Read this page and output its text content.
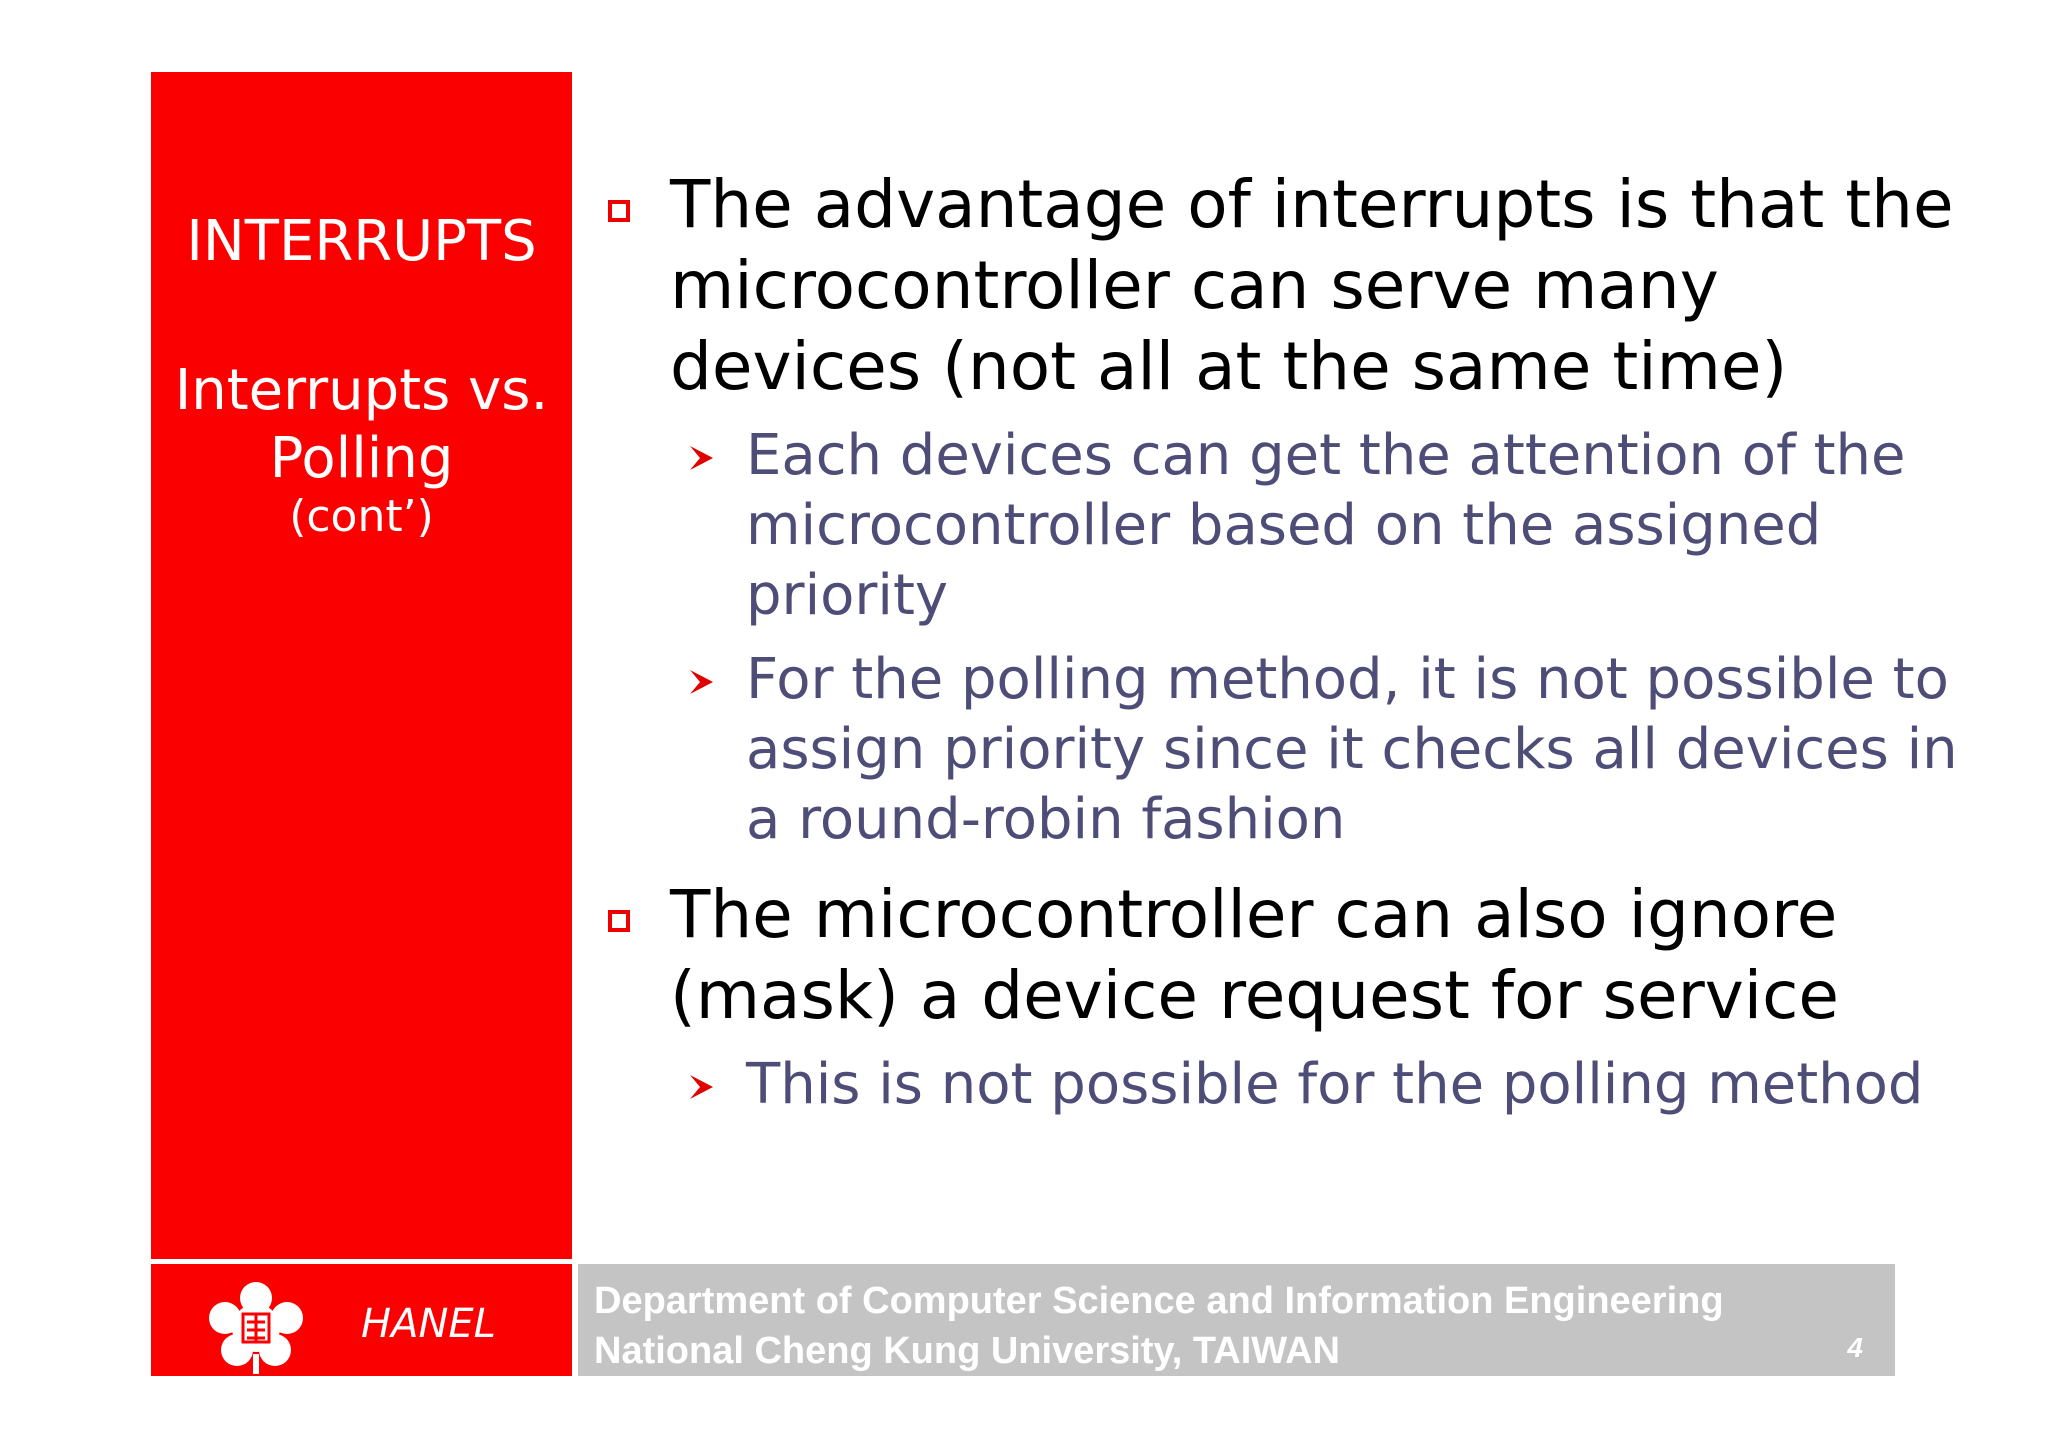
INTERRUPTS
Interrupts vs.
Polling
(cont’)
HANEL	Department of Computer Science and Information Engineering
National Cheng Kung University, TAIWAN	4
The advantage of interrupts is that the
microcontroller can serve many
devices (not all at the same time)
Each devices can get the attention of the
microcontroller based on the assigned
priority
For the polling method, it is not possible to
assign priority since it checks all devices in
a round-robin fashion
The microcontroller can also ignore
(mask) a device request for service
This is not possible for the polling method
